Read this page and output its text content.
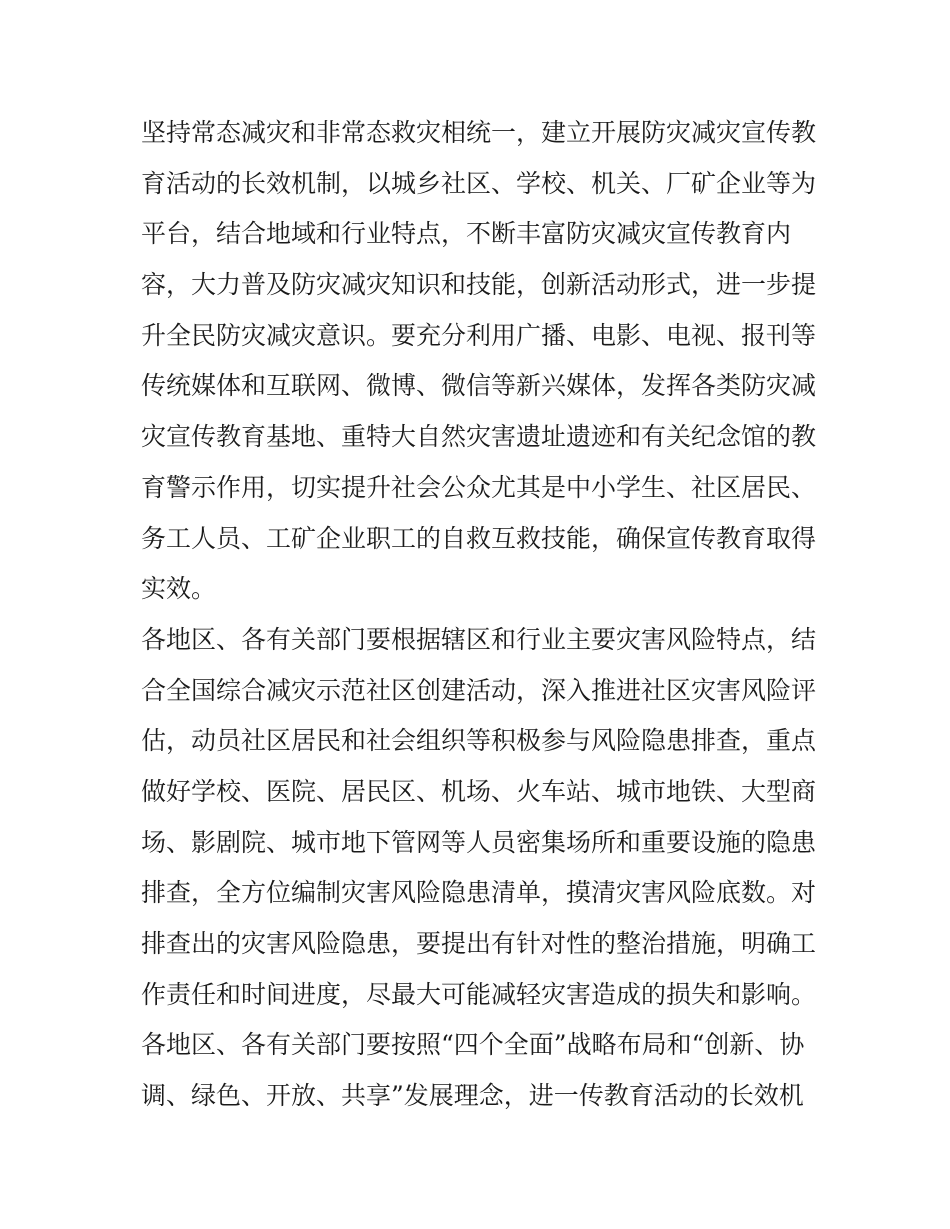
坚持常态减灾和非常态救灾相统一，建立开展防灾减灾宣传教
育活动的长效机制，以城乡社区、学校、机关、厂矿企业等为
平台，结合地域和行业特点，不断丰富防灾减灾宣传教育内
容，大力普及防灾减灾知识和技能，创新活动形式，进一步提
升全民防灾减灾意识。要充分利用广播、电影、电视、报刊等
传统媒体和互联网、微博、微信等新兴媒体，发挥各类防灾减
灾宣传教育基地、重特大自然灾害遗址遗迹和有关纪念馆的教
育警示作用，切实提升社会公众尤其是中小学生、社区居民、
务工人员、工矿企业职工的自救互救技能，确保宣传教育取得
实效。
各地区、各有关部门要根据辖区和行业主要灾害风险特点，结
合全国综合减灾示范社区创建活动，深入推进社区灾害风险评
估，动员社区居民和社会组织等积极参与风险隐患排查，重点
做好学校、医院、居民区、机场、火车站、城市地铁、大型商
场、影剧院、城市地下管网等人员密集场所和重要设施的隐患
排查，全方位编制灾害风险隐患清单，摸清灾害风险底数。对
排查出的灾害风险隐患，要提出有针对性的整治措施，明确工
作责任和时间进度，尽最大可能减轻灾害造成的损失和影响。
各地区、各有关部门要按照“四个全面”战略布局和“创新、协
调、绿色、开放、共享”发展理念，进一传教育活动的长效机
